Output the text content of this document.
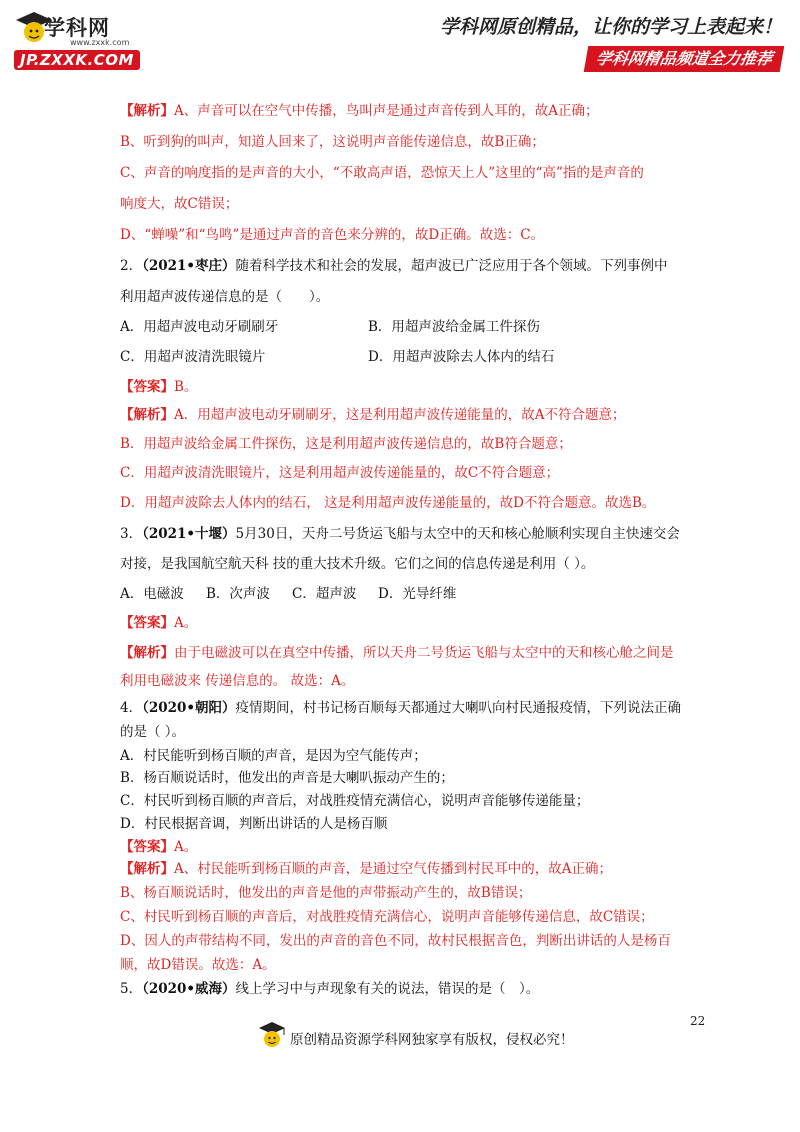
学科网
www.zxxk.com
JP.ZXXK.COM
学科网原创精品，让你的学习上表起来！
学科网精品频道全力推荐
【解析】A、声音可以在空气中传播，鸟叫声是通过声音传到人耳的，故A正确；
B、听到狗的叫声，知道人回来了，这说明声音能传递信息，故B正确；
C、声音的响度指的是声音的大小，“不敢高声语，恐惊天上人”这里的“高”指的是声音的
响度大，故C错误；
D、“蝉噪”和“鸟鸣”是通过声音的音色来分辨的，故D正确。故选：C。
2．（2021•枣庄）随着科学技术和社会的发展，超声波已广泛应用于各个领域。下列事例中
利用超声波传递信息的是（　　）。
A．用超声波电动牙刷刷牙	B．用超声波给金属工件探伤
C．用超声波清洗眼镜片	D．用超声波除去人体内的结石
【答案】B。
【解析】A．用超声波电动牙刷刷牙，这是利用超声波传递能量的，故A不符合题意；
B．用超声波给金属工件探伤，这是利用超声波传递信息的，故B符合题意；
C．用超声波清洗眼镜片，这是利用超声波传递能量的，故C不符合题意；
D．用超声波除去人体内的结石， 这是利用超声波传递能量的，故D不符合题意。故选B。
3．（2021•十堰）5月30日，天舟二号货运飞船与太空中的天和核心舱顺利实现自主快速交会
对接，是我国航空航天科 技的重大技术升级。它们之间的信息传递是利用（ ）。
A．电磁波	B．次声波	C．超声波	D．光导纤维
【答案】A。
【解析】由于电磁波可以在真空中传播，所以天舟二号货运飞船与太空中的天和核心舱之间是
利用电磁波来 传递信息的。 故选：A。
4．（2020•朝阳）疫情期间，村书记杨百顺每天都通过大喇叭向村民通报疫情，下列说法正确
的是（ ）。
A．村民能听到杨百顺的声音，是因为空气能传声；
B．杨百顺说话时，他发出的声音是大喇叭振动产生的；
C．村民听到杨百顺的声音后，对战胜疫情充满信心，说明声音能够传递能量；
D．村民根据音调，判断出讲话的人是杨百顺
【答案】A。
【解析】A、村民能听到杨百顺的声音，是通过空气传播到村民耳中的，故A正确；
B、杨百顺说话时，他发出的声音是他的声带振动产生的，故B错误；
C、村民听到杨百顺的声音后，对战胜疫情充满信心，说明声音能够传递信息，故C错误；
D、因人的声带结构不同，发出的声音的音色不同，故村民根据音色，判断出讲话的人是杨百
顺，故D错误。故选：A。
5．（2020•威海）线上学习中与声现象有关的说法，错误的是（　）。
22
原创精品资源学科网独家享有版权，侵权必究！
